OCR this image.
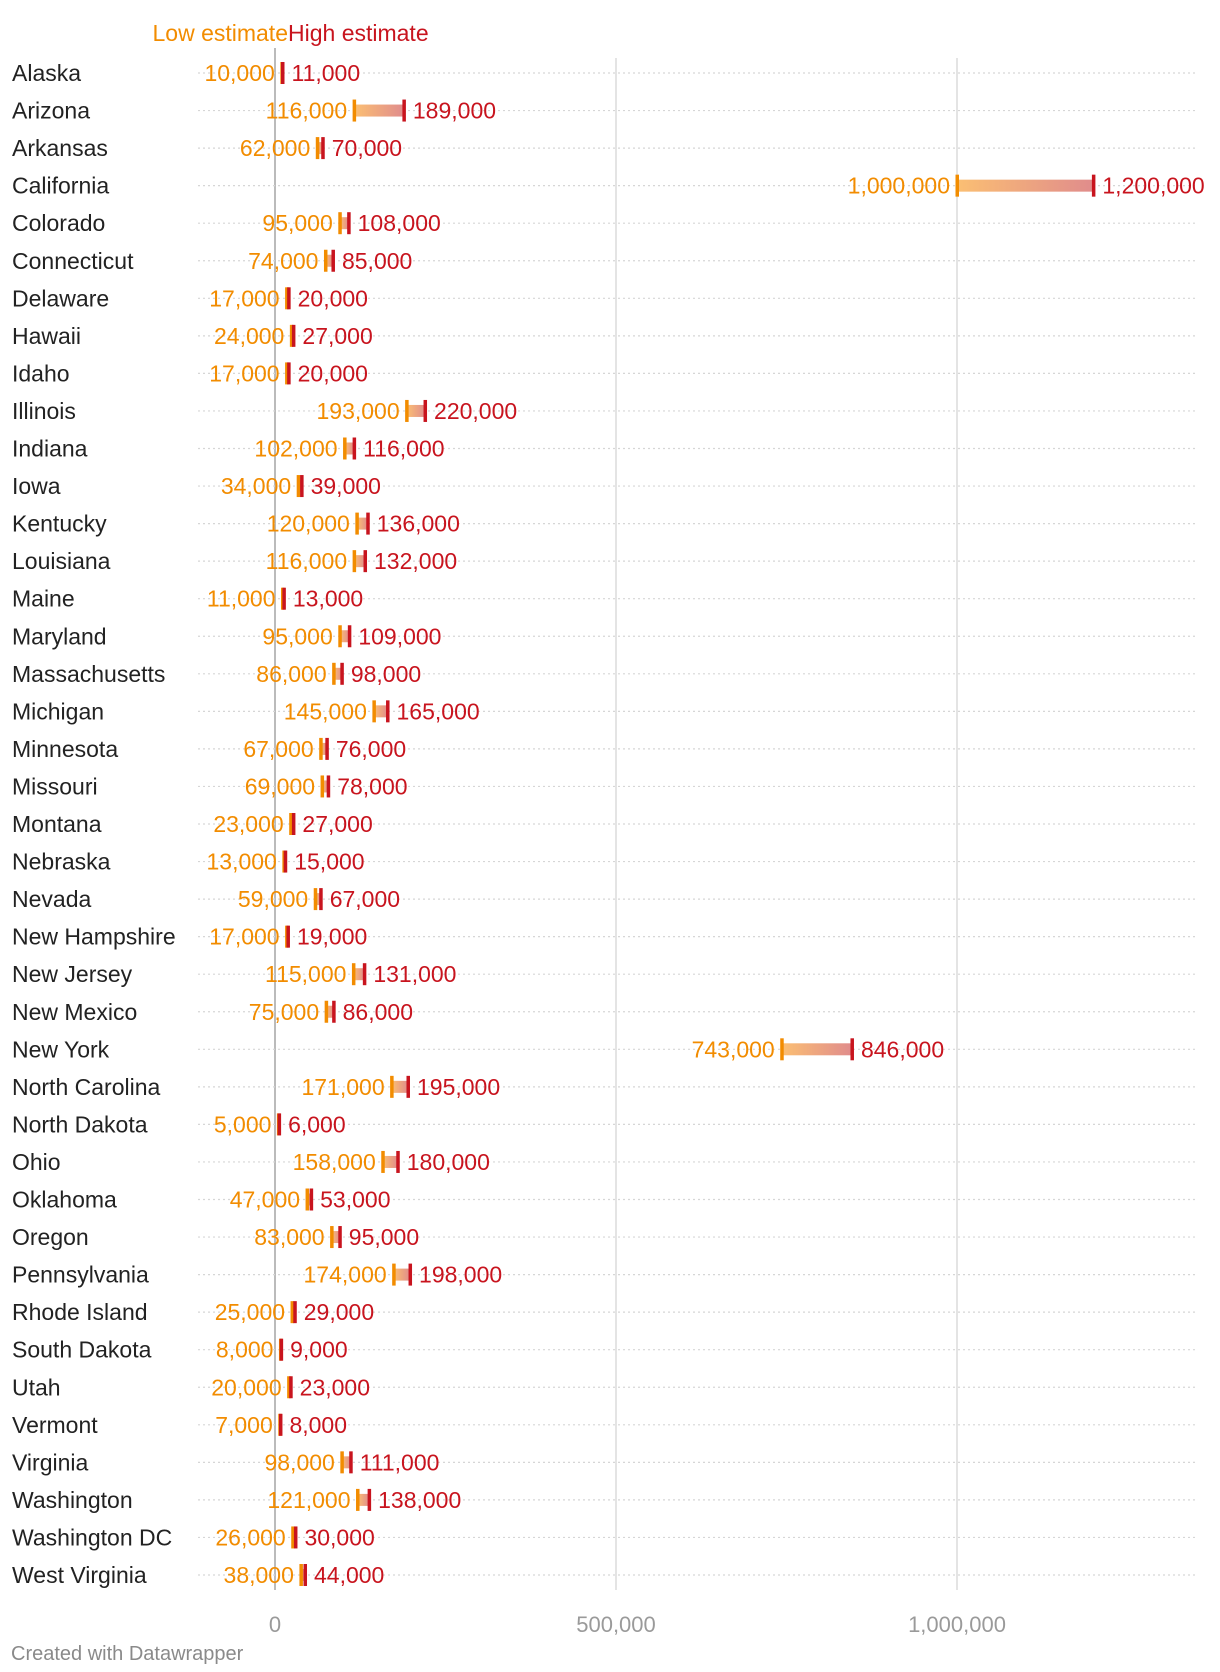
Alaska	10,000 11,000
Arizona	116,000	189,000
Arkansas	62,000 70,000
California	1,000,000	1,200,000
Colorado	95,000 108,000
Connecticut	74,000 85,000
Delaware	17,000 20,000
Hawaii	24,000 27,000
Idaho	17,000 20,000
Illinois	193,000 220,000
Indiana	102,000 116,000
Iowa	34,000 39,000
Kentucky	120,000 136,000
Louisiana	116,000 132,000
Maine	11,000 13,000
Maryland	95,000 109,000
Massachusetts	86,000 98,000
Michigan	145,000 165,000
Minnesota	67,000 76,000
Missouri	69,000 78,000
Montana	23,000 27,000
Nebraska	13,000 15,000
Nevada	59,000 67,000
New Hampshire 17,000 19,000
New Jersey	115,000 131,000
New Mexico	75,000 86,000
New York	743,000	846,000
North Carolina	171,000 195,000
North Dakota	5,000 6,000
Ohio	158,000 180,000
Oklahoma	47,000 53,000
Oregon	83,000 95,000
Pennsylvania	174,000 198,000
Rhode Island	25,000 29,000
South Dakota	8,000 9,000
Utah	20,000 23,000
Vermont	7,000 8,000
Virginia	98,000 111,000
Washington	121,000 138,000
Washington DC 26,000 30,000
West Virginia	38,000 44,000
0	500,000	1,000,000
Low estimate High estimate
Created with Datawrapper
